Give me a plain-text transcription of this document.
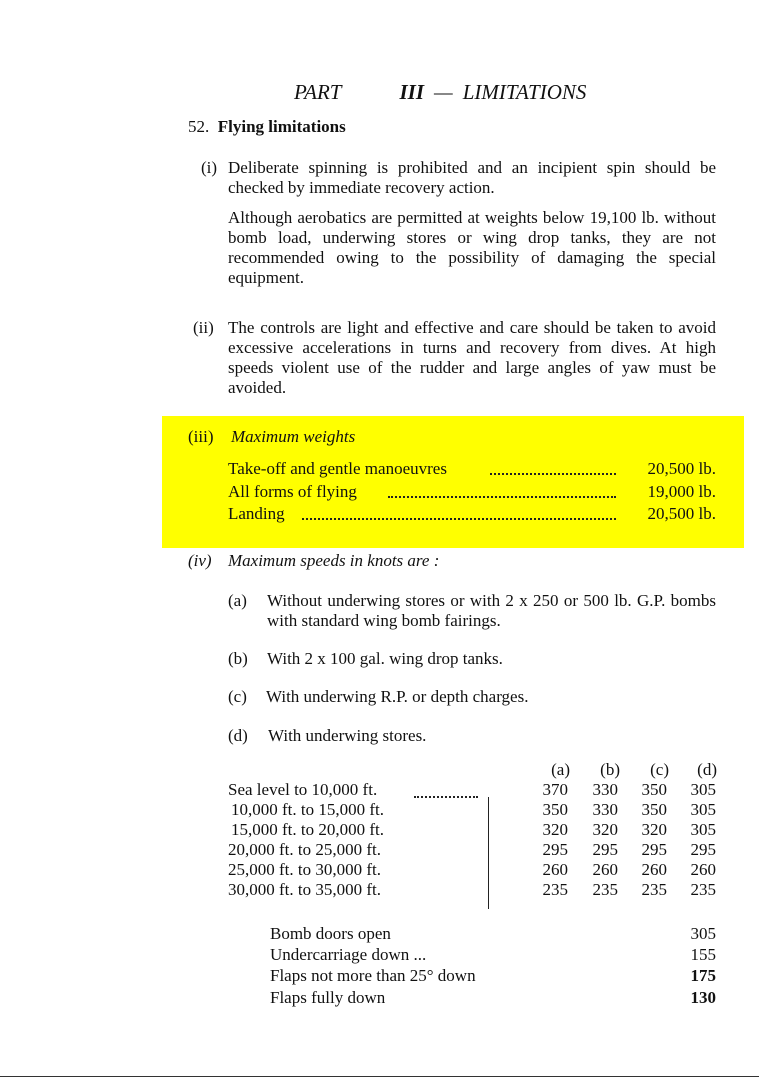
PART	III — LIMITATIONS
52. Flying limitations
(i) Deliberate spinning is prohibited and an incipient spin should be checked by immediate recovery action.
Although aerobatics are permitted at weights below 19,100 lb. without bomb load, underwing stores or wing drop tanks, they are not recommended owing to the possibility of damaging the special equipment.
(ii) The controls are light and effective and care should be taken to avoid excessive accelerations in turns and recovery from dives. At high speeds violent use of the rudder and large angles of yaw must be avoided.
(iii) Maximum weights
Take-off and gentle manoeuvres	20,500 lb.
All forms of flying	19,000 lb.
Landing	20,500 lb.
(iv) Maximum speeds in knots are :
(a) Without underwing stores or with 2 x 250 or 500 lb. G.P. bombs with standard wing bomb fairings.
(b) With 2 x 100 gal. wing drop tanks.
(c) With underwing R.P. or depth charges.
(d) With underwing stores.
(a)	(b)	(c)	(d)
Sea level to 10,000 ft.	370	330	350	305
10,000 ft. to 15,000 ft.	350	330	350	305
15,000 ft. to 20,000 ft.	320	320	320	305
20,000 ft. to 25,000 ft.	295	295	295	295
25,000 ft. to 30,000 ft.	260	260	260	260
30,000 ft. to 35,000 ft.	235	235	235	235
Bomb doors open	305
Undercarriage down ...	155
Flaps not more than 25° down	175
Flaps fully down	130
